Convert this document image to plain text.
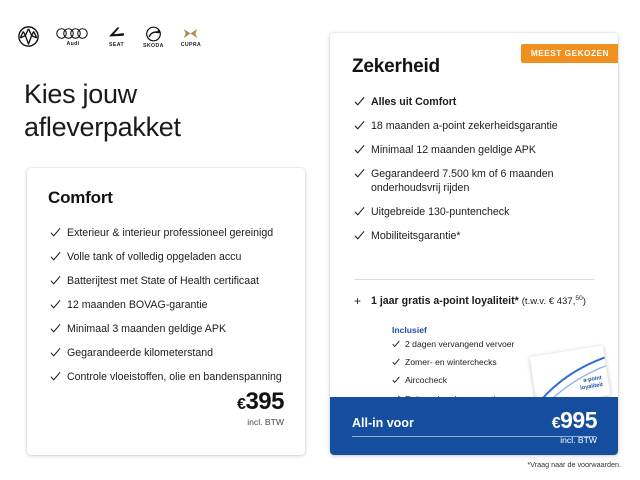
Audi	SEAT	SKODA	CUPRA
Kies jouw
afleverpakket
Comfort
Exterieur & interieur professioneel gereinigd
Volle tank of volledig opgeladen accu
Batterijtest met State of Health certificaat
12 maanden BOVAG-garantie
Minimaal 3 maanden geldige APK
Gegarandeerde kilometerstand
Controle vloeistoffen, olie en bandenspanning
€395
incl. BTW
MEEST GEKOZEN
Zekerheid
Alles uit Comfort
18 maanden a-point zekerheidsgarantie
Minimaal 12 maanden geldige APK
Gegarandeerd 7.500 km of 6 maanden onderhoudsvrij rijden
Uitgebreide 130-puntencheck
Mobiliteitsgarantie*
+ 1 jaar gratis a-point loyaliteit* (t.w.v. € 437,50)
Inclusief
2 dagen vervangend vervoer
Zomer- en winterchecks
Aircocheck	a-point
loyaliteit
All-in voor	€995
incl. BTW
*Vraag naar de voorwaarden.
